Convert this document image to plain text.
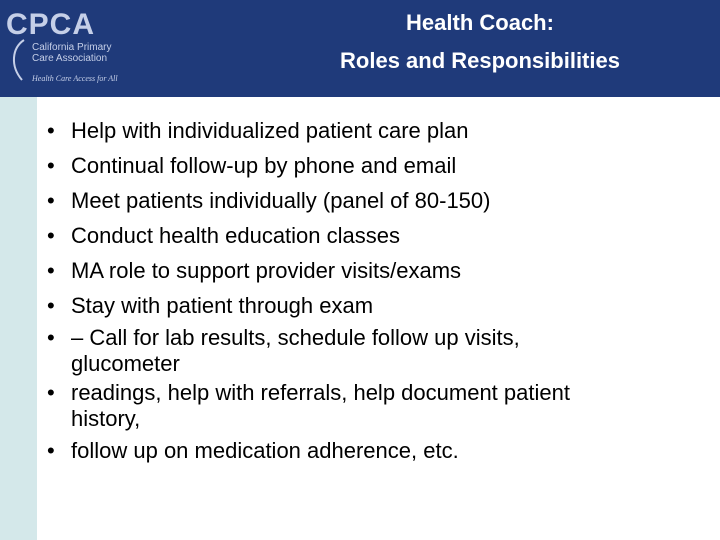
CPCA
California Primary
Care Association
Health Care Access for All
Health Coach:
Roles and Responsibilities
• Help with individualized patient care plan
• Continual follow-up by phone and email
• Meet patients individually (panel of 80-150)
• Conduct health education classes
• MA role to support provider visits/exams
• Stay with patient through exam
• – Call for lab results, schedule follow up visits,
glucometer
• readings, help with referrals, help document patient
history,
• follow up on medication adherence, etc.
